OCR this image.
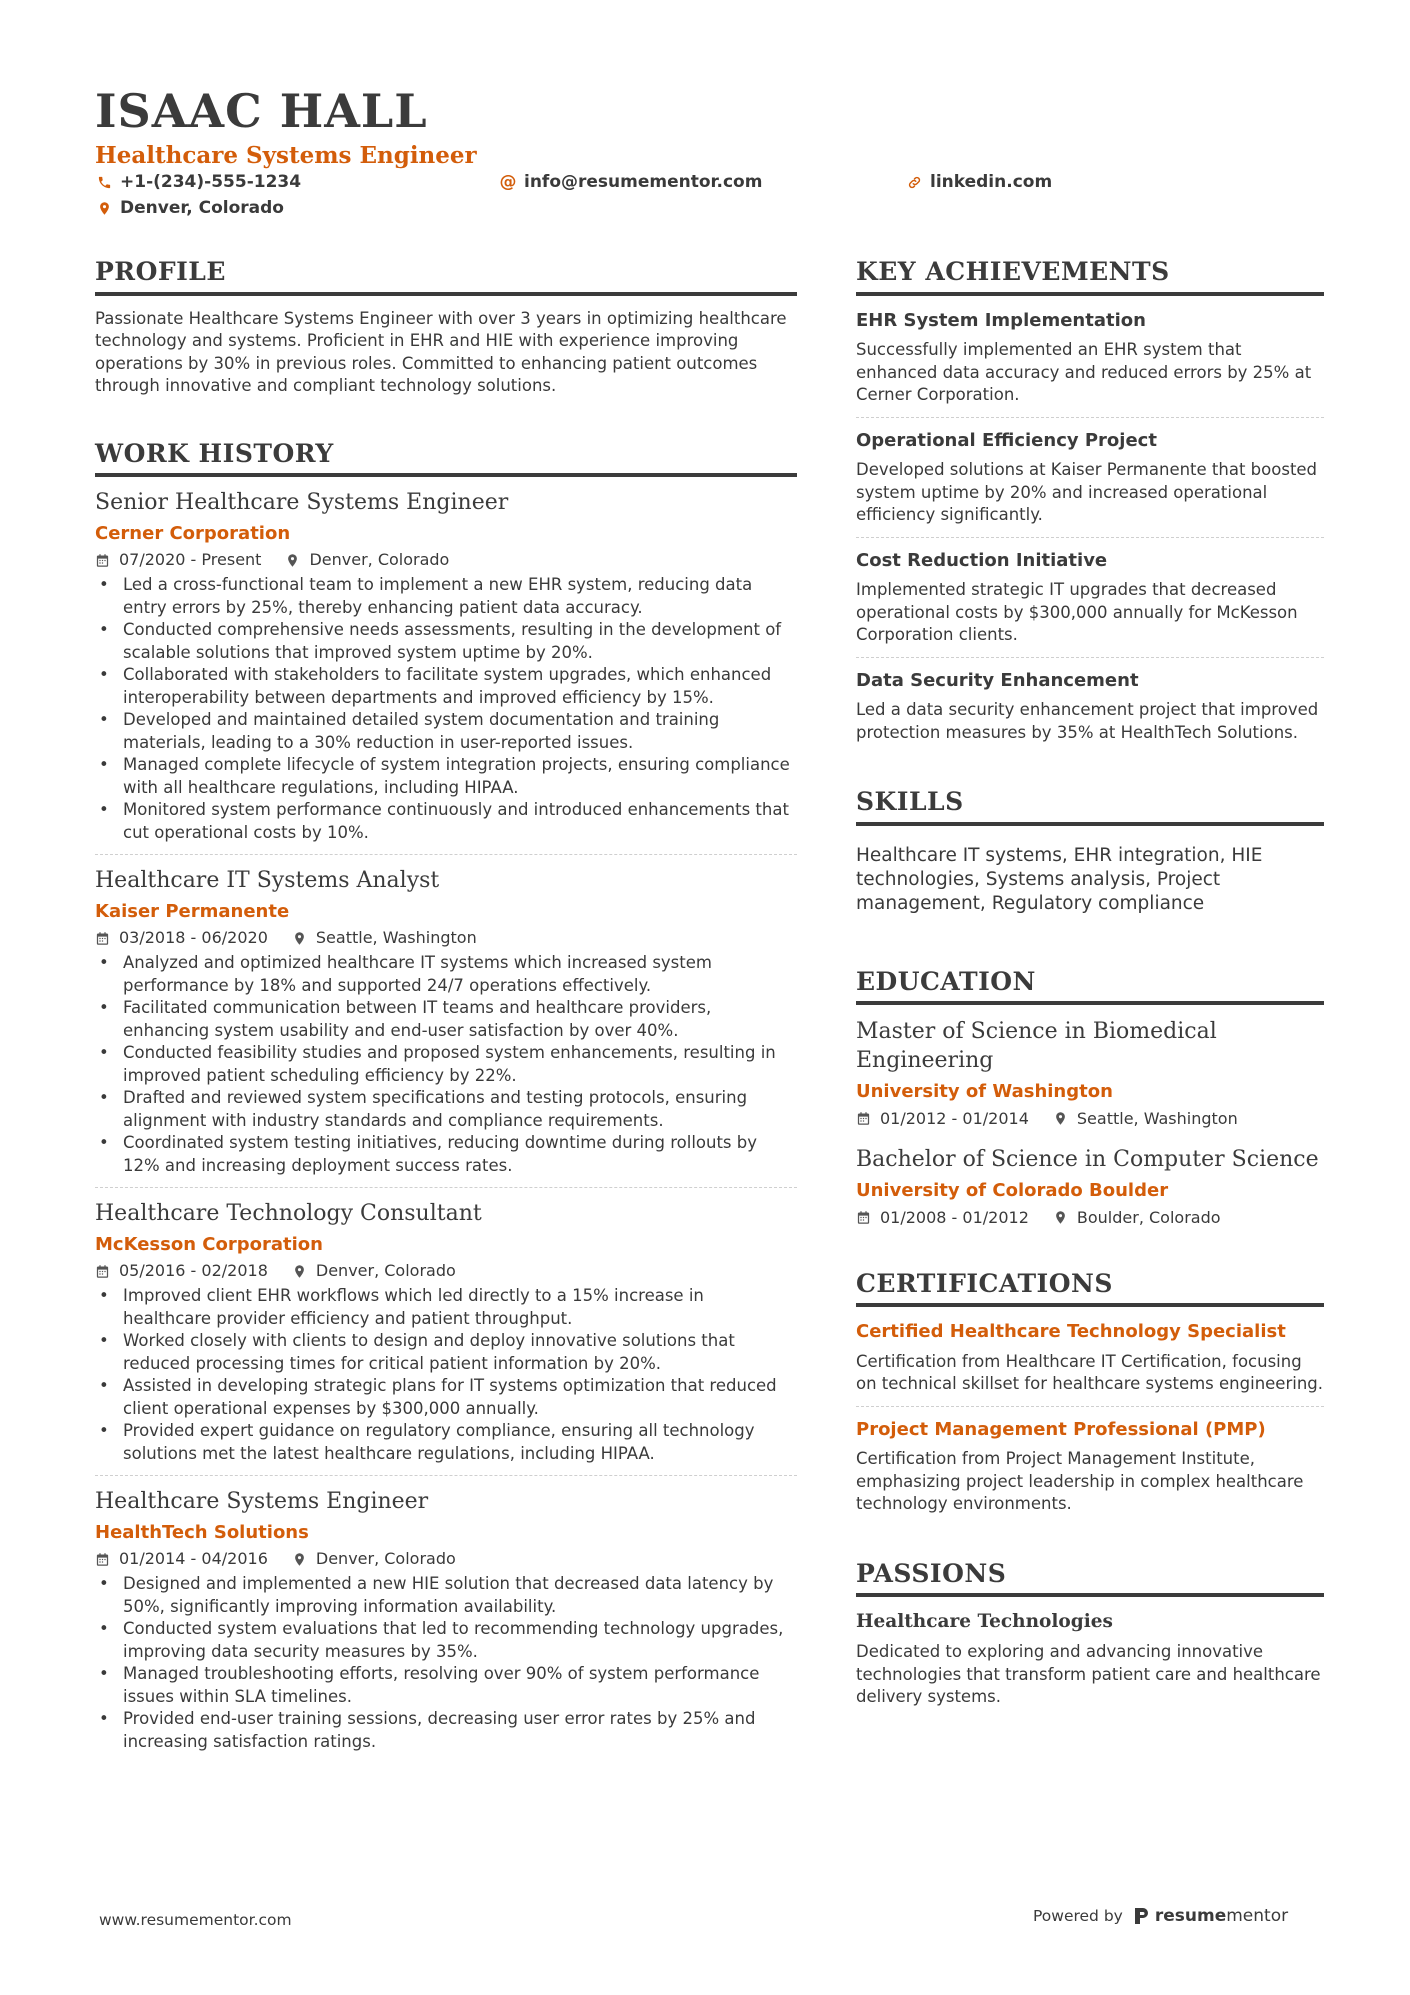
ISAAC HALL
Healthcare Systems Engineer
+1-(234)-555-1234	@ info@resumementor.com	linkedin.com
Denver, Colorado
PROFILE
Passionate Healthcare Systems Engineer with over 3 years in optimizing healthcare technology and systems. Proficient in EHR and HIE with experience improving operations by 30% in previous roles. Committed to enhancing patient outcomes through innovative and compliant technology solutions.
WORK HISTORY
Senior Healthcare Systems Engineer
Cerner Corporation
07/2020 - Present	Denver, Colorado
• Led a cross-functional team to implement a new EHR system, reducing data entry errors by 25%, thereby enhancing patient data accuracy.
• Conducted comprehensive needs assessments, resulting in the development of scalable solutions that improved system uptime by 20%.
• Collaborated with stakeholders to facilitate system upgrades, which enhanced interoperability between departments and improved efficiency by 15%.
• Developed and maintained detailed system documentation and training materials, leading to a 30% reduction in user-reported issues.
• Managed complete lifecycle of system integration projects, ensuring compliance with all healthcare regulations, including HIPAA.
• Monitored system performance continuously and introduced enhancements that cut operational costs by 10%.
Healthcare IT Systems Analyst
Kaiser Permanente
03/2018 - 06/2020	Seattle, Washington
• Analyzed and optimized healthcare IT systems which increased system performance by 18% and supported 24/7 operations effectively.
• Facilitated communication between IT teams and healthcare providers, enhancing system usability and end-user satisfaction by over 40%.
• Conducted feasibility studies and proposed system enhancements, resulting in improved patient scheduling efficiency by 22%.
• Drafted and reviewed system specifications and testing protocols, ensuring alignment with industry standards and compliance requirements.
• Coordinated system testing initiatives, reducing downtime during rollouts by 12% and increasing deployment success rates.
Healthcare Technology Consultant
McKesson Corporation
05/2016 - 02/2018	Denver, Colorado
• Improved client EHR workflows which led directly to a 15% increase in healthcare provider efficiency and patient throughput.
• Worked closely with clients to design and deploy innovative solutions that reduced processing times for critical patient information by 20%.
• Assisted in developing strategic plans for IT systems optimization that reduced client operational expenses by $300,000 annually.
• Provided expert guidance on regulatory compliance, ensuring all technology solutions met the latest healthcare regulations, including HIPAA.
Healthcare Systems Engineer
HealthTech Solutions
01/2014 - 04/2016	Denver, Colorado
• Designed and implemented a new HIE solution that decreased data latency by 50%, significantly improving information availability.
• Conducted system evaluations that led to recommending technology upgrades, improving data security measures by 35%.
• Managed troubleshooting efforts, resolving over 90% of system performance issues within SLA timelines.
• Provided end-user training sessions, decreasing user error rates by 25% and increasing satisfaction ratings.
KEY ACHIEVEMENTS
EHR System Implementation
Successfully implemented an EHR system that enhanced data accuracy and reduced errors by 25% at Cerner Corporation.
Operational Efficiency Project
Developed solutions at Kaiser Permanente that boosted system uptime by 20% and increased operational efficiency significantly.
Cost Reduction Initiative
Implemented strategic IT upgrades that decreased operational costs by $300,000 annually for McKesson Corporation clients.
Data Security Enhancement
Led a data security enhancement project that improved protection measures by 35% at HealthTech Solutions.
SKILLS
Healthcare IT systems, EHR integration, HIE technologies, Systems analysis, Project management, Regulatory compliance
EDUCATION
Master of Science in Biomedical Engineering
University of Washington
01/2012 - 01/2014	Seattle, Washington
Bachelor of Science in Computer Science
University of Colorado Boulder
01/2008 - 01/2012	Boulder, Colorado
CERTIFICATIONS
Certified Healthcare Technology Specialist
Certification from Healthcare IT Certification, focusing on technical skillset for healthcare systems engineering.
Project Management Professional (PMP)
Certification from Project Management Institute, emphasizing project leadership in complex healthcare technology environments.
PASSIONS
Healthcare Technologies
Dedicated to exploring and advancing innovative technologies that transform patient care and healthcare delivery systems.
www.resumementor.com	Powered by resumementor
